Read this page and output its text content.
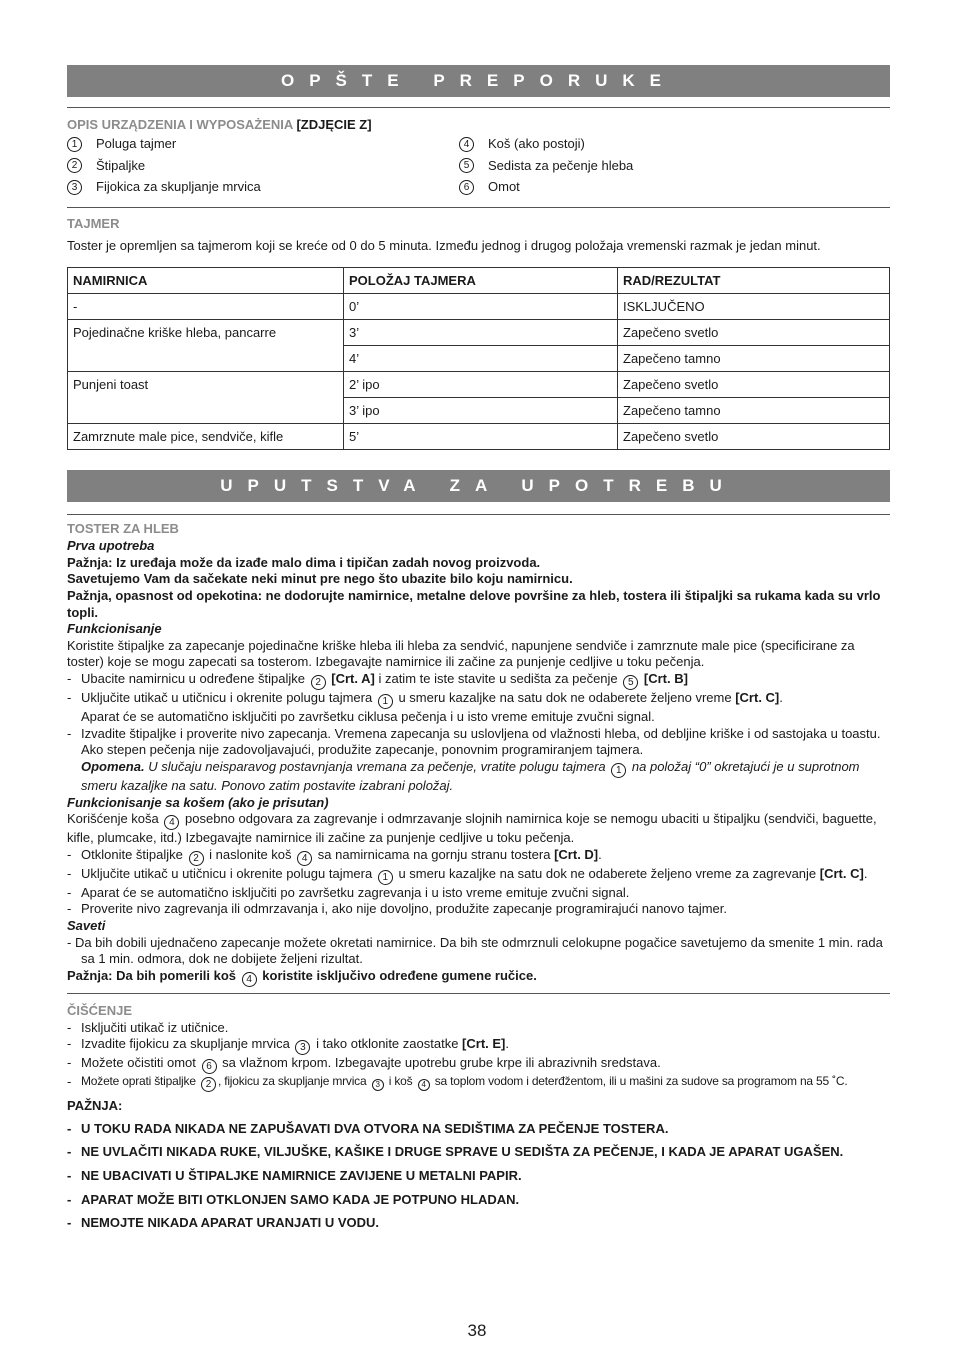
OPŠTE PREPORUKE
OPIS URZĄDZENIA I WYPOSAŻENIA [ZDJĘCIE Z]
1	Poluga tajmer	4	Koš (ako postoji)
2	Štipaljke	5	Sedista za pečenje hleba
3	Fijokica za skupljanje mrvica	6	Omot
TAJMER

Toster je opremljen sa tajmerom koji se kreće od 0 do 5 minuta. Između jednog i drugog položaja vremenski razmak je jedan minut.

NAMIRNICA	POLOŽAJ TAJMERA	RAD/REZULTAT
-	0’	ISKLJUČENO
Pojedinačne kriške hleba, pancarre	3’	Zapečeno svetlo
	4’	Zapečeno tamno
Punjeni toast	2’ ipo	Zapečeno svetlo
	3’ ipo	Zapečeno tamno
Zamrznute male pice, sendviče, kifle	5’	Zapečeno svetlo
UPUTSTVA ZA UPOTREBU
TOSTER ZA HLEB
Prva upotreba
Pažnja: Iz uređaja može da izađe malo dima i tipičan zadah novog proizvoda.
Savetujemo Vam da sačekate neki minut pre nego što ubazite bilo koju namirnicu.
Pažnja, opasnost od opekotina: ne dodorujte namirnice, metalne delove površine za hleb, tostera ili štipaljki sa rukama kada su vrlo topli.
Funkcionisanje

Koristite štipaljke za zapecanje pojedinačne kriške hleba ili hleba za sendvić, napunjene sendviče i zamrznute male pice (specificirane za toster) koje se mogu zapecati sa tosterom. Izbegavajte namirnice ili začine za punjenje cedljive u toku pečenja.

- Ubacite namirnicu u određene štipaljke 2 [Crt. A] i zatim te iste stavite u sedišta za pečenje 5 [Crt. B]
- Uključite utikač u utičnicu i okrenite polugu tajmera 1 u smeru kazaljke na satu dok ne odaberete željeno vreme [Crt. C].
Aparat će se automatično isključiti po završetku ciklusa pečenja i u isto vreme emituje zvučni signal.
- Izvadite štipaljke i proverite nivo zapecanja. Vremena zapecanja su uslovljena od vlažnosti hleba, od debljine kriške i od sastojaka u toastu. Ako stepen pečenja nije zadovoljavajući, produžite zapecanje, ponovnim programiranjem tajmera.
Opomena. U slučaju neisparavog postavnjanja vremana za pečenje, vratite polugu tajmera 1 na položaj “0” okretajući je u suprotnom smeru kazaljke na satu. Ponovo zatim postavite izabrani položaj.
Funkcionisanje sa košem (ako je prisutan)

Korišćenje koša 4 posebno odgovara za zagrevanje i odmrzavanje slojnih namirnica koje se nemogu ubaciti u štipaljku (sendviči, baguette, kifle, plumcake, itd.) Izbegavajte namirnice ili začine za punjenje cedljive u toku pečenja.

- Otklonite štipaljke 2 i naslonite koš 4 sa namirnicama na gornju stranu tostera [Crt. D].
- Uključite utikač u utičnicu i okrenite polugu tajmera 1 u smeru kazaljke na satu dok ne odaberete željeno vreme za zagrevanje [Crt. C].
- Aparat će se automatično isključiti po završetku zagrevanja i u isto vreme emituje zvučni signal.
- Proverite nivo zagrevanja ili odmrzavanja i, ako nije dovoljno, produžite zapecanje programirajući nanovo tajmer.
Saveti
- Da bih dobili ujednačeno zapecanje možete okretati namirnice. Da bih ste odmrznuli celokupne pogačice savetujemo da smenite 1 min. rada
sa 1 min. odmora, dok ne dobijete željeni rizultat.
Pažnja: Da bih pomerili koš 4 koristite isključivo određene gumene ručice.
ČIŠĆENJE
- Isključiti utikač iz utičnice.
- Izvadite fijokicu za skupljanje mrvica 3 i tako otklonite zaostatke [Crt. E].
- Možete očistiti omot 6 sa vlažnom krpom. Izbegavajte upotrebu grube krpe ili abrazivnih sredstava.
- Možete oprati štipaljke 2 , fijokicu za skupljanje mrvica 3 i koš 4 sa toplom vodom i deterđžentom, ili u mašini za sudove sa programom na 55 ˚C.
PAŽNJA:
- U TOKU RADA NIKADA NE ZAPUŠAVATI DVA OTVORA NA SEDIŠTIMA ZA PEČENJE TOSTERA.
- NE UVLAČITI NIKADA RUKE, VILJUŠKE, KAŠIKE I DRUGE SPRAVE U SEDIŠTA ZA PEČENJE, I KADA JE APARAT UGAŠEN.
- NE UBACIVATI U ŠTIPALJKE NAMIRNICE ZAVIJENE U METALNI PAPIR.
- APARAT MOŽE BITI OTKLONJEN SAMO KADA JE POTPUNO HLADAN.
- NEMOJTE NIKADA APARAT URANJATI U VODU.
38
